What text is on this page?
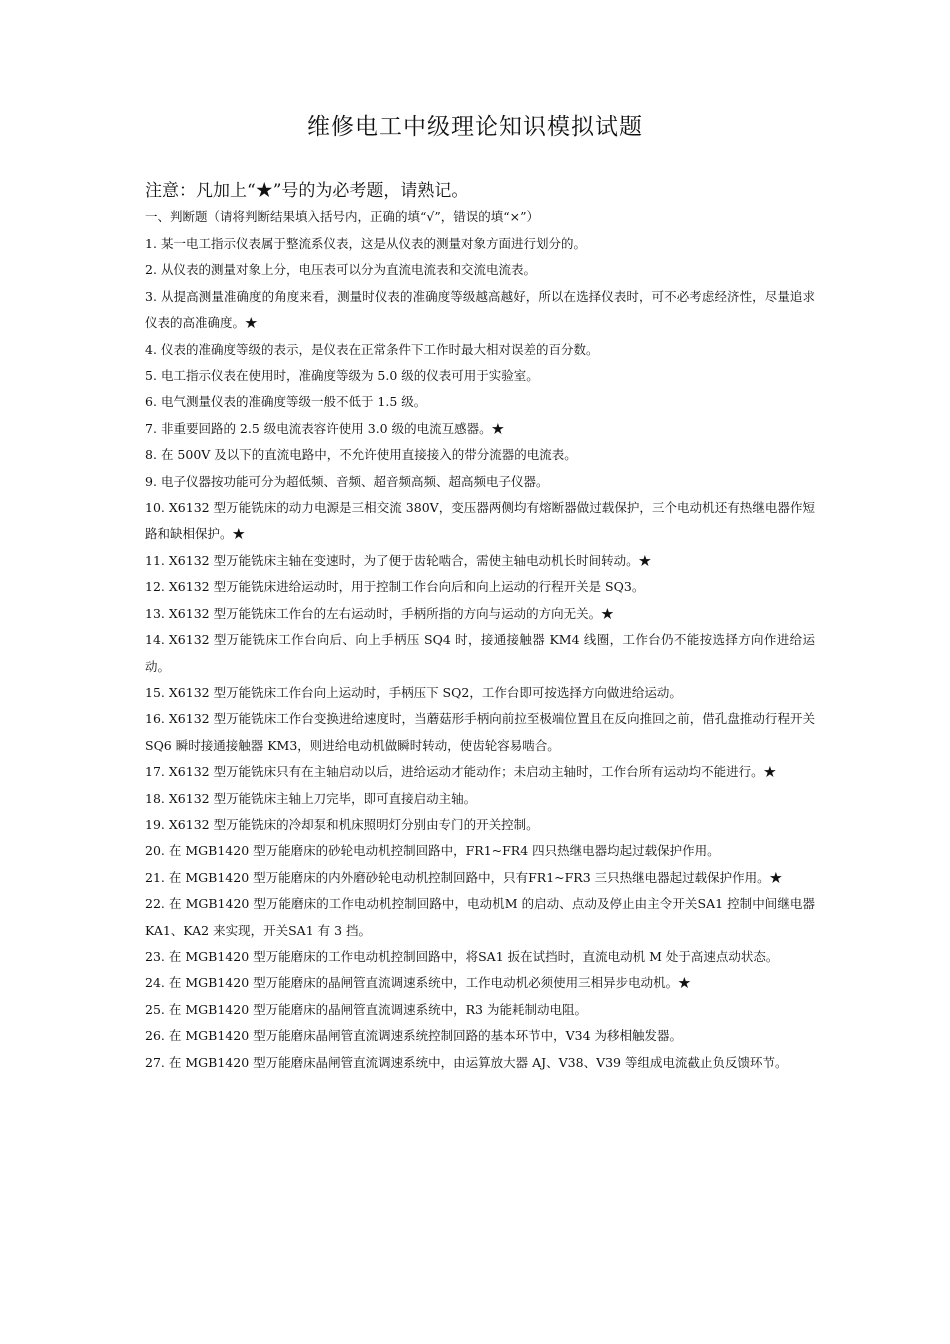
维修电工中级理论知识模拟试题
注意：凡加上“★”号的为必考题，请熟记。
一、判断题（请将判断结果填入括号内，正确的填“√”，错误的填“×”）
1. 某一电工指示仪表属于整流系仪表，这是从仪表的测量对象方面进行划分的。
2. 从仪表的测量对象上分，电压表可以分为直流电流表和交流电流表。
3. 从提高测量准确度的角度来看，测量时仪表的准确度等级越高越好，所以在选择仪表时，可不必考虑经济性，尽量追求仪表的高准确度。★
4. 仪表的准确度等级的表示，是仪表在正常条件下工作时最大相对误差的百分数。
5. 电工指示仪表在使用时，准确度等级为 5.0 级的仪表可用于实验室。
6. 电气测量仪表的准确度等级一般不低于 1.5 级。
7. 非重要回路的 2.5 级电流表容许使用 3.0 级的电流互感器。★
8. 在 500V 及以下的直流电路中，不允许使用直接接入的带分流器的电流表。
9. 电子仪器按功能可分为超低频、音频、超音频高频、超高频电子仪器。
10. X6132 型万能铣床的动力电源是三相交流 380V，变压器两侧均有熔断器做过载保护，三个电动机还有热继电器作短路和缺相保护。★
11. X6132 型万能铣床主轴在变速时，为了便于齿轮啮合，需使主轴电动机长时间转动。★
12. X6132 型万能铣床进给运动时，用于控制工作台向后和向上运动的行程开关是 SQ3。
13. X6132 型万能铣床工作台的左右运动时，手柄所指的方向与运动的方向无关。★
14. X6132 型万能铣床工作台向后、向上手柄压 SQ4 时，接通接触器 KM4 线圈，工作台仍不能按选择方向作进给运动。
15. X6132 型万能铣床工作台向上运动时，手柄压下 SQ2，工作台即可按选择方向做进给运动。
16. X6132 型万能铣床工作台变换进给速度时，当蘑菇形手柄向前拉至极端位置且在反向推回之前，借孔盘推动行程开关 SQ6 瞬时接通接触器 KM3，则进给电动机做瞬时转动，使齿轮容易啮合。
17. X6132 型万能铣床只有在主轴启动以后，进给运动才能动作；未启动主轴时，工作台所有运动均不能进行。★
18. X6132 型万能铣床主轴上刀完毕，即可直接启动主轴。
19. X6132 型万能铣床的冷却泵和机床照明灯分别由专门的开关控制。
20. 在 MGB1420 型万能磨床的砂轮电动机控制回路中，FR1~FR4 四只热继电器均起过载保护作用。
21. 在 MGB1420 型万能磨床的内外磨砂轮电动机控制回路中，只有FR1~FR3 三只热继电器起过载保护作用。★
22. 在 MGB1420 型万能磨床的工作电动机控制回路中，电动机M 的启动、点动及停止由主令开关SA1 控制中间继电器 KA1、KA2 来实现，开关SA1 有 3 挡。
23. 在 MGB1420 型万能磨床的工作电动机控制回路中，将SA1 扳在试挡时，直流电动机 M 处于高速点动状态。
24. 在 MGB1420 型万能磨床的晶闸管直流调速系统中，工作电动机必须使用三相异步电动机。★
25. 在 MGB1420 型万能磨床的晶闸管直流调速系统中，R3 为能耗制动电阻。
26. 在 MGB1420 型万能磨床晶闸管直流调速系统控制回路的基本环节中，V34 为移相触发器。
27. 在 MGB1420 型万能磨床晶闸管直流调速系统中，由运算放大器 AJ、V38、V39 等组成电流截止负反馈环节。
